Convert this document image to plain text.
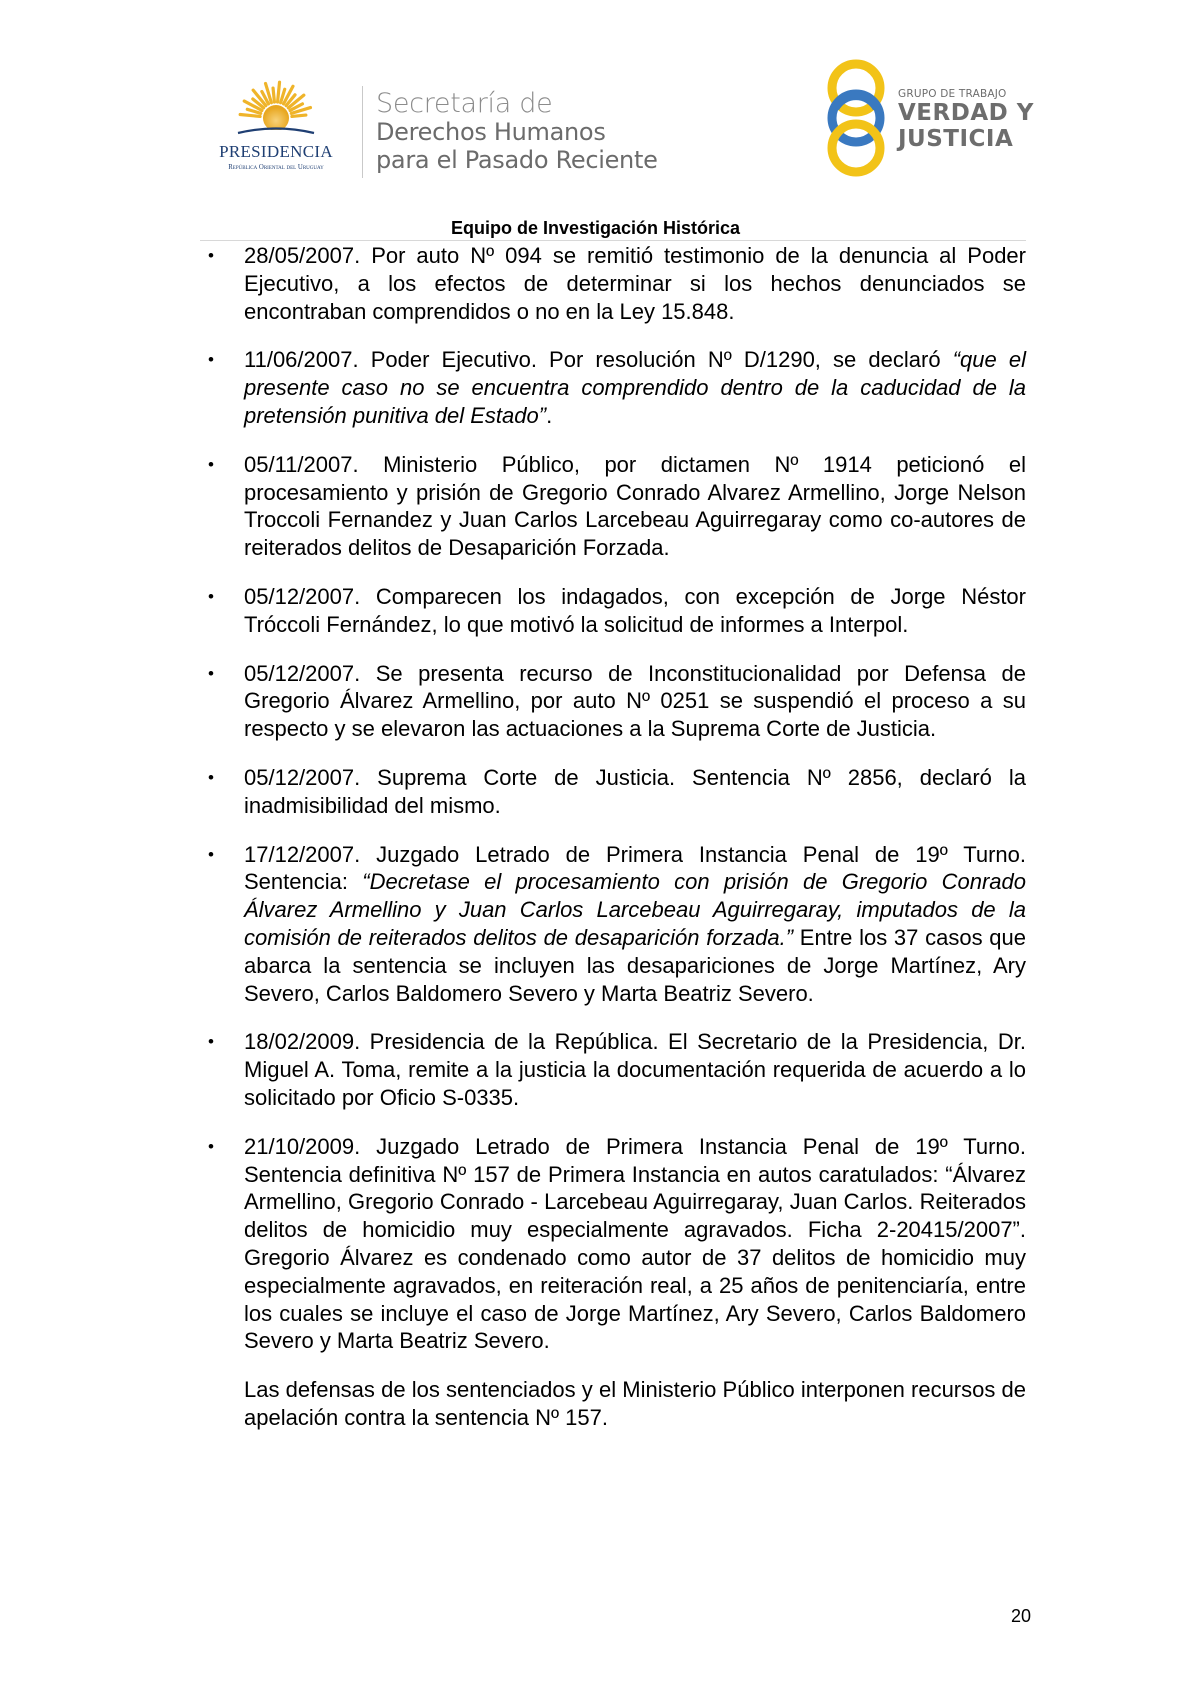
PRESIDENCIA
República Oriental del Uruguay
Secretaría de
Derechos Humanos
para el Pasado Reciente
GRUPO DE TRABAJO
VERDAD Y
JUSTICIA
Equipo de Investigación Histórica
• 28/05/2007. Por auto Nº 094 se remitió testimonio de la denuncia al Poder Ejecutivo, a los efectos de determinar si los hechos denunciados se encontraban comprendidos o no en la Ley 15.848.

• 11/06/2007. Poder Ejecutivo. Por resolución Nº D/1290, se declaró “que el presente caso no se encuentra comprendido dentro de la caducidad de la pretensión punitiva del Estado”.

• 05/11/2007. Ministerio Público, por dictamen Nº 1914 peticionó el procesamiento y prisión de Gregorio Conrado Alvarez Armellino, Jorge Nelson Troccoli Fernandez y Juan Carlos Larcebeau Aguirregaray como co-autores de reiterados delitos de Desaparición Forzada.

• 05/12/2007. Comparecen los indagados, con excepción de Jorge Néstor Tróccoli Fernández, lo que motivó la solicitud de informes a Interpol.

• 05/12/2007. Se presenta recurso de Inconstitucionalidad por Defensa de Gregorio Álvarez Armellino, por auto Nº 0251 se suspendió el proceso a su respecto y se elevaron las actuaciones a la Suprema Corte de Justicia.

• 05/12/2007. Suprema Corte de Justicia. Sentencia Nº 2856, declaró la inadmisibilidad del mismo.

• 17/12/2007. Juzgado Letrado de Primera Instancia Penal de 19º Turno. Sentencia: “Decretase el procesamiento con prisión de Gregorio Conrado Álvarez Armellino y Juan Carlos Larcebeau Aguirregaray, imputados de la comisión de reiterados delitos de desaparición forzada.” Entre los 37 casos que abarca la sentencia se incluyen las desapariciones de Jorge Martínez, Ary Severo, Carlos Baldomero Severo y Marta Beatriz Severo.

• 18/02/2009. Presidencia de la República. El Secretario de la Presidencia, Dr. Miguel A. Toma, remite a la justicia la documentación requerida de acuerdo a lo solicitado por Oficio S-0335.

• 21/10/2009. Juzgado Letrado de Primera Instancia Penal de 19º Turno. Sentencia definitiva Nº 157 de Primera Instancia en autos caratulados: “Álvarez Armellino, Gregorio Conrado - Larcebeau Aguirregaray, Juan Carlos. Reiterados delitos de homicidio muy especialmente agravados. Ficha 2-20415/2007”. Gregorio Álvarez es condenado como autor de 37 delitos de homicidio muy especialmente agravados, en reiteración real, a 25 años de penitenciaría, entre los cuales se incluye el caso de Jorge Martínez, Ary Severo, Carlos Baldomero Severo y Marta Beatriz Severo.

Las defensas de los sentenciados y el Ministerio Público interponen recursos de apelación contra la sentencia Nº 157.

20
